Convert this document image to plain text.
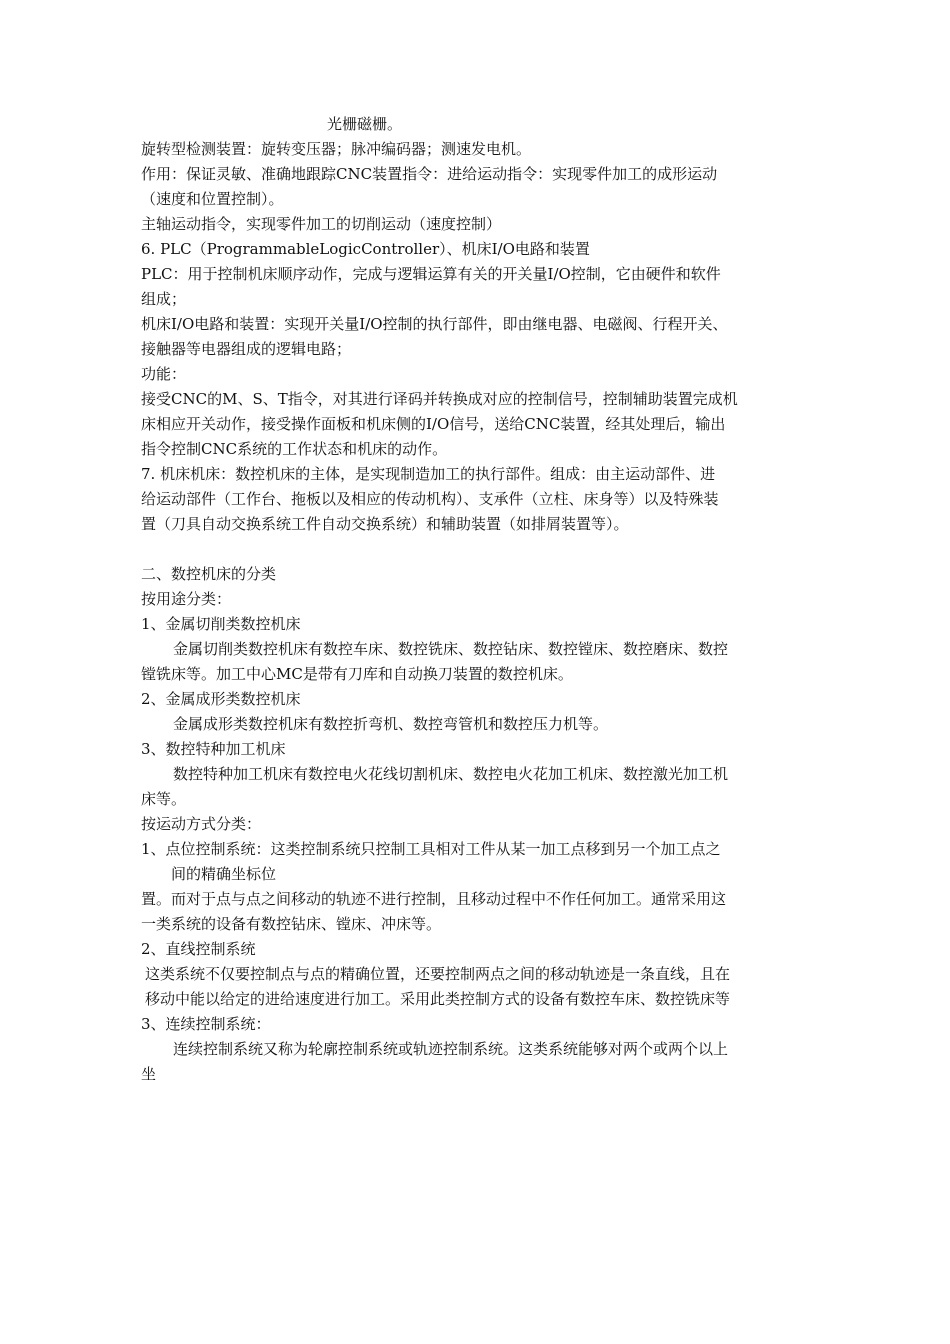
光栅磁栅。

旋转型检测装置：旋转变压器；脉冲编码器；测速发电机。

作用：保证灵敏、准确地跟踪CNC装置指令：进给运动指令：实现零件加工的成形运动

（速度和位置控制）。

主轴运动指令，实现零件加工的切削运动（速度控制）

6. PLC（ProgrammableLogicController）、机床I/O电路和装置

PLC：用于控制机床顺序动作，完成与逻辑运算有关的开关量I/O控制，它由硬件和软件

组成；

机床I/O电路和装置：实现开关量I/O控制的执行部件，即由继电器、电磁阀、行程开关、

接触器等电器组成的逻辑电路；

功能：

接受CNC的M、S、T指令，对其进行译码并转换成对应的控制信号，控制辅助装置完成机

床相应开关动作，接受操作面板和机床侧的I/O信号，送给CNC装置，经其处理后，输出

指令控制CNC系统的工作状态和机床的动作。

7. 机床机床：数控机床的主体，是实现制造加工的执行部件。组成：由主运动部件、进

给运动部件（工作台、拖板以及相应的传动机构）、支承件（立柱、床身等）以及特殊装

置（刀具自动交换系统工件自动交换系统）和辅助装置（如排屑装置等）。

二、数控机床的分类

按用途分类：

1、金属切削类数控机床

金属切削类数控机床有数控车床、数控铣床、数控钻床、数控镗床、数控磨床、数控

镗铣床等。加工中心MC是带有刀库和自动换刀装置的数控机床。

2、金属成形类数控机床

金属成形类数控机床有数控折弯机、数控弯管机和数控压力机等。

3、数控特种加工机床

数控特种加工机床有数控电火花线切割机床、数控电火花加工机床、数控激光加工机

床等。

按运动方式分类：

1、点位控制系统：这类控制系统只控制工具相对工件从某一加工点移到另一个加工点之

间的精确坐标位

置。而对于点与点之间移动的轨迹不进行控制，且移动过程中不作任何加工。通常采用这

一类系统的设备有数控钻床、镗床、冲床等。

2、直线控制系统

这类系统不仅要控制点与点的精确位置，还要控制两点之间的移动轨迹是一条直线，且在

移动中能以给定的进给速度进行加工。采用此类控制方式的设备有数控车床、数控铣床等

3、连续控制系统：

连续控制系统又称为轮廓控制系统或轨迹控制系统。这类系统能够对两个或两个以上

坐
